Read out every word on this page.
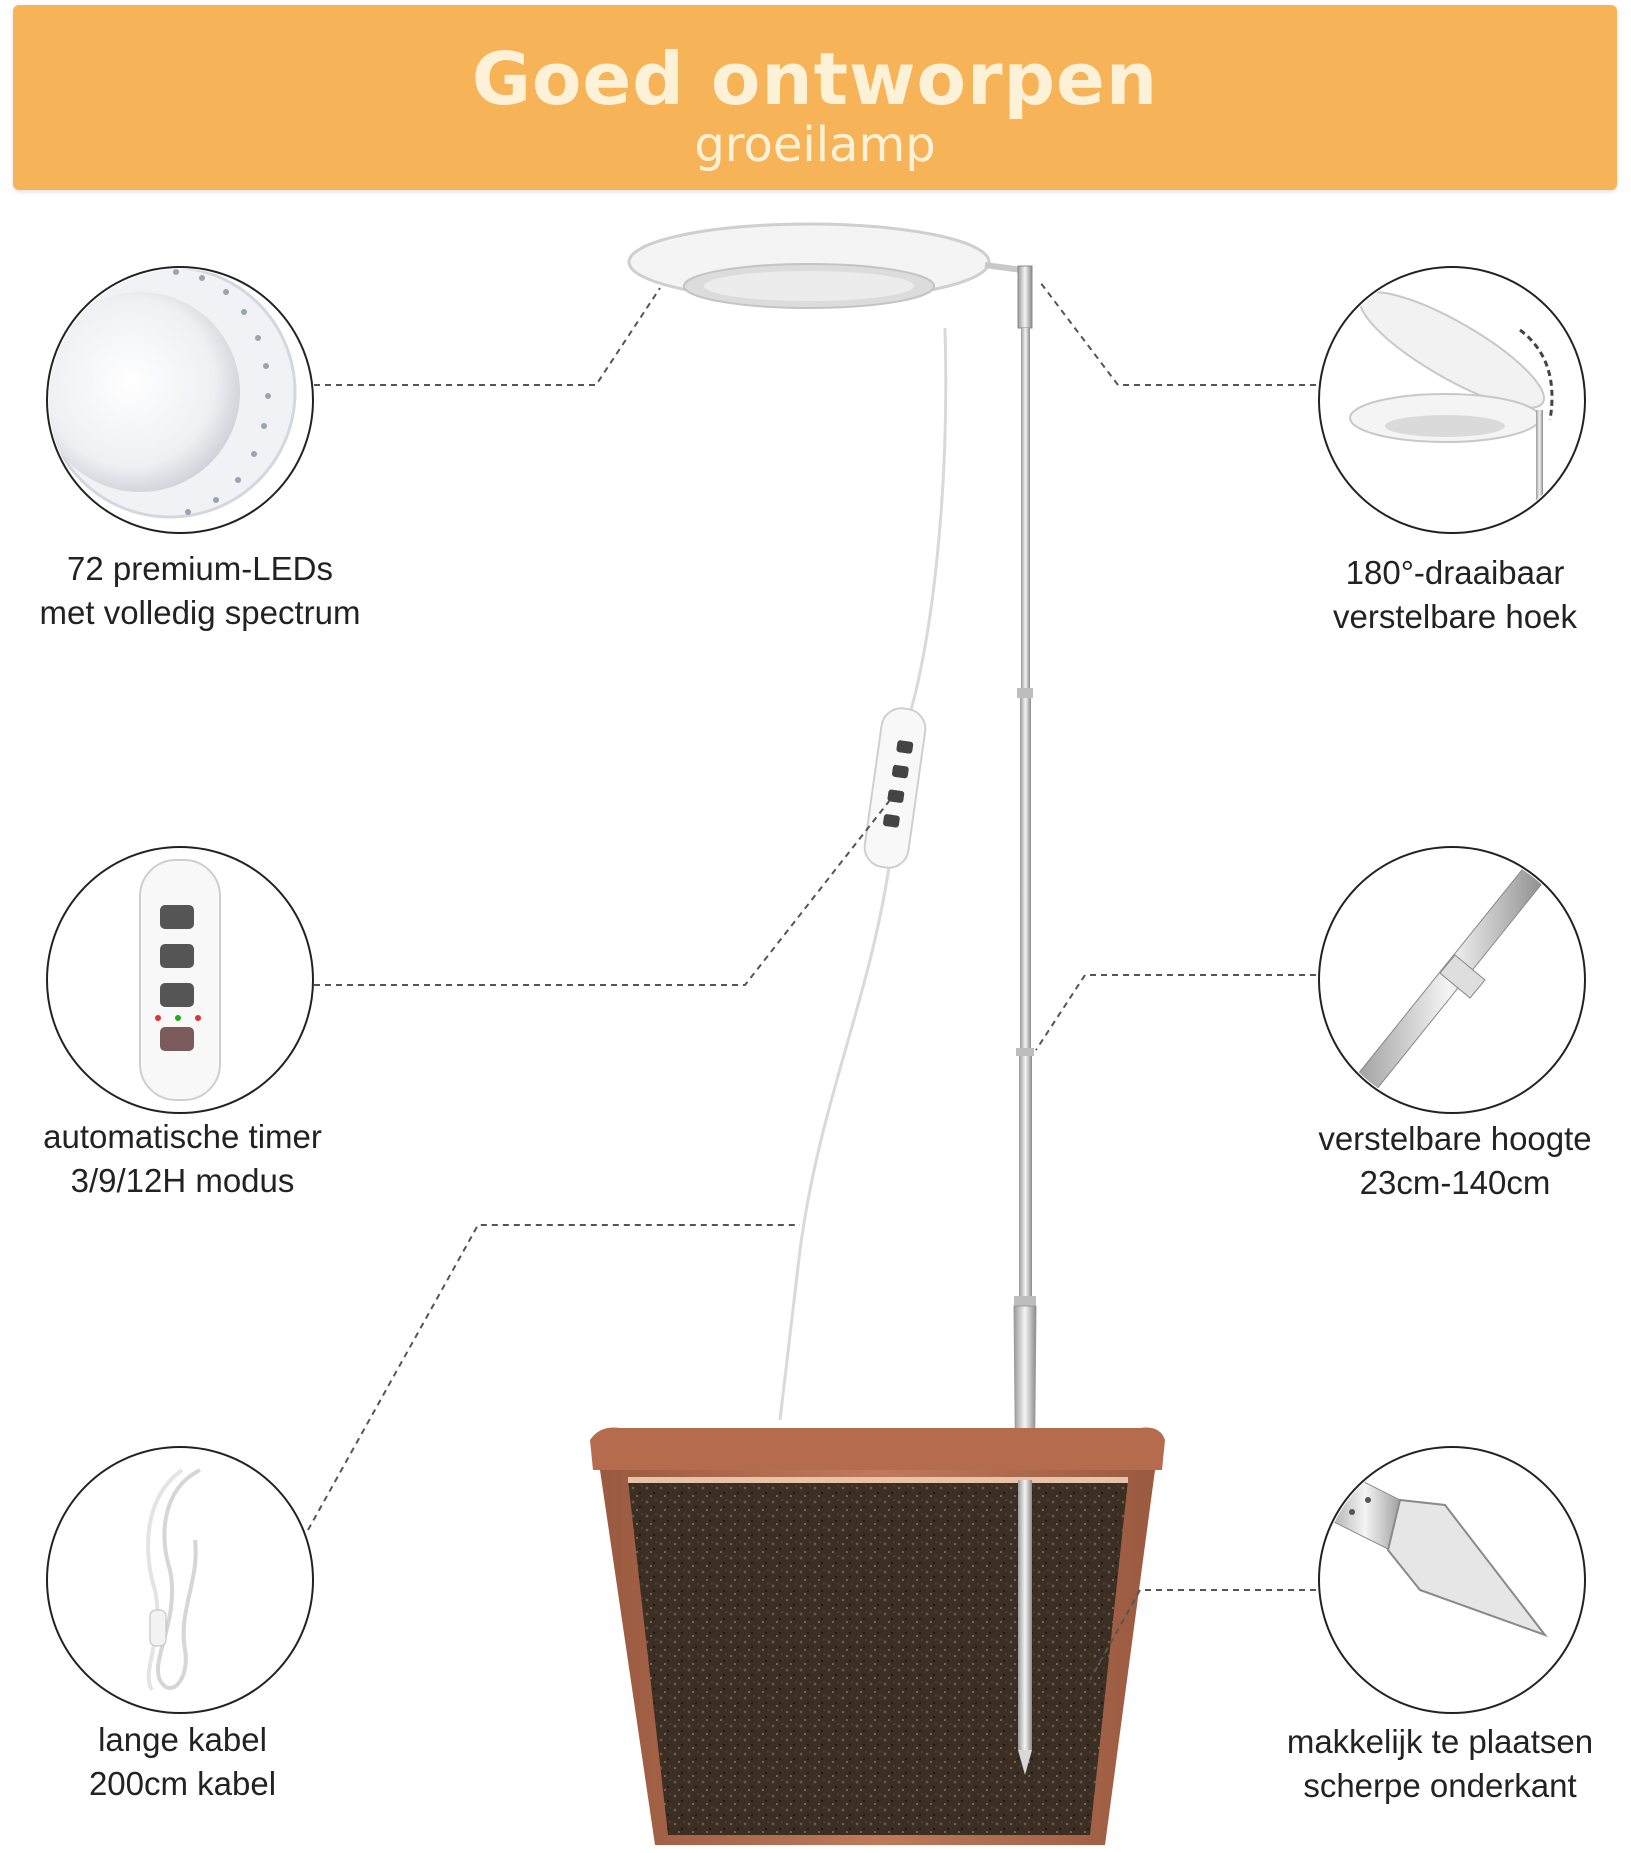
Goed ontworpen
groeilamp
72 premium-LEDs
met volledig spectrum
180°-draaibaar
verstelbare hoek
automatische timer
3/9/12H modus
verstelbare hoogte
23cm-140cm
lange kabel
200cm kabel
makkelijk te plaatsen
scherpe onderkant
